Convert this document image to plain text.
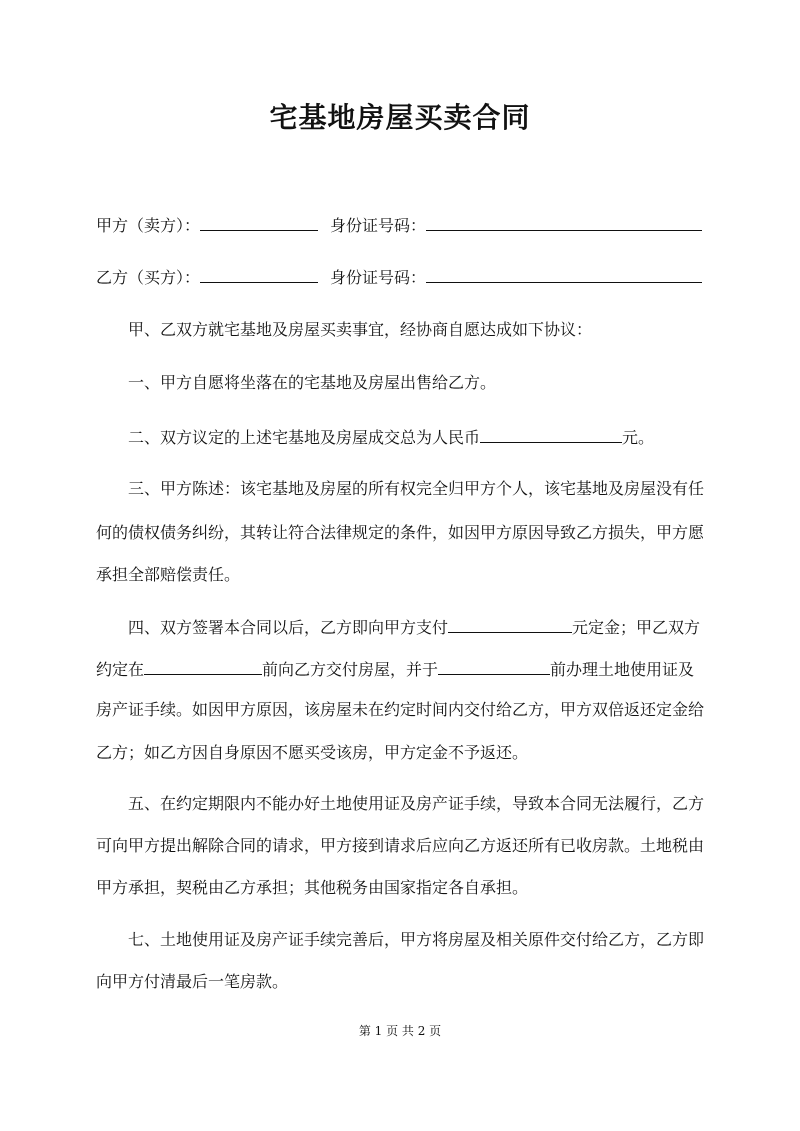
宅基地房屋买卖合同
甲方（卖方）：	身份证号码：
乙方（买方）：	身份证号码：
甲、乙双方就宅基地及房屋买卖事宜，经协商自愿达成如下协议：
一、甲方自愿将坐落在的宅基地及房屋出售给乙方。
二、双方议定的上述宅基地及房屋成交总为人民币	元。
三、甲方陈述：该宅基地及房屋的所有权完全归甲方个人，该宅基地及房屋没有任
何的债权债务纠纷，其转让符合法律规定的条件，如因甲方原因导致乙方损失，甲方愿
承担全部赔偿责任。
四、双方签署本合同以后，乙方即向甲方支付	元定金；甲乙双方
约定在	前向乙方交付房屋，并于	前办理土地使用证及
房产证手续。如因甲方原因，该房屋未在约定时间内交付给乙方，甲方双倍返还定金给
乙方；如乙方因自身原因不愿买受该房，甲方定金不予返还。
五、在约定期限内不能办好土地使用证及房产证手续，导致本合同无法履行，乙方
可向甲方提出解除合同的请求，甲方接到请求后应向乙方返还所有已收房款。土地税由
甲方承担，契税由乙方承担；其他税务由国家指定各自承担。
七、土地使用证及房产证手续完善后，甲方将房屋及相关原件交付给乙方，乙方即
向甲方付清最后一笔房款。
第 1 页 共 2 页
